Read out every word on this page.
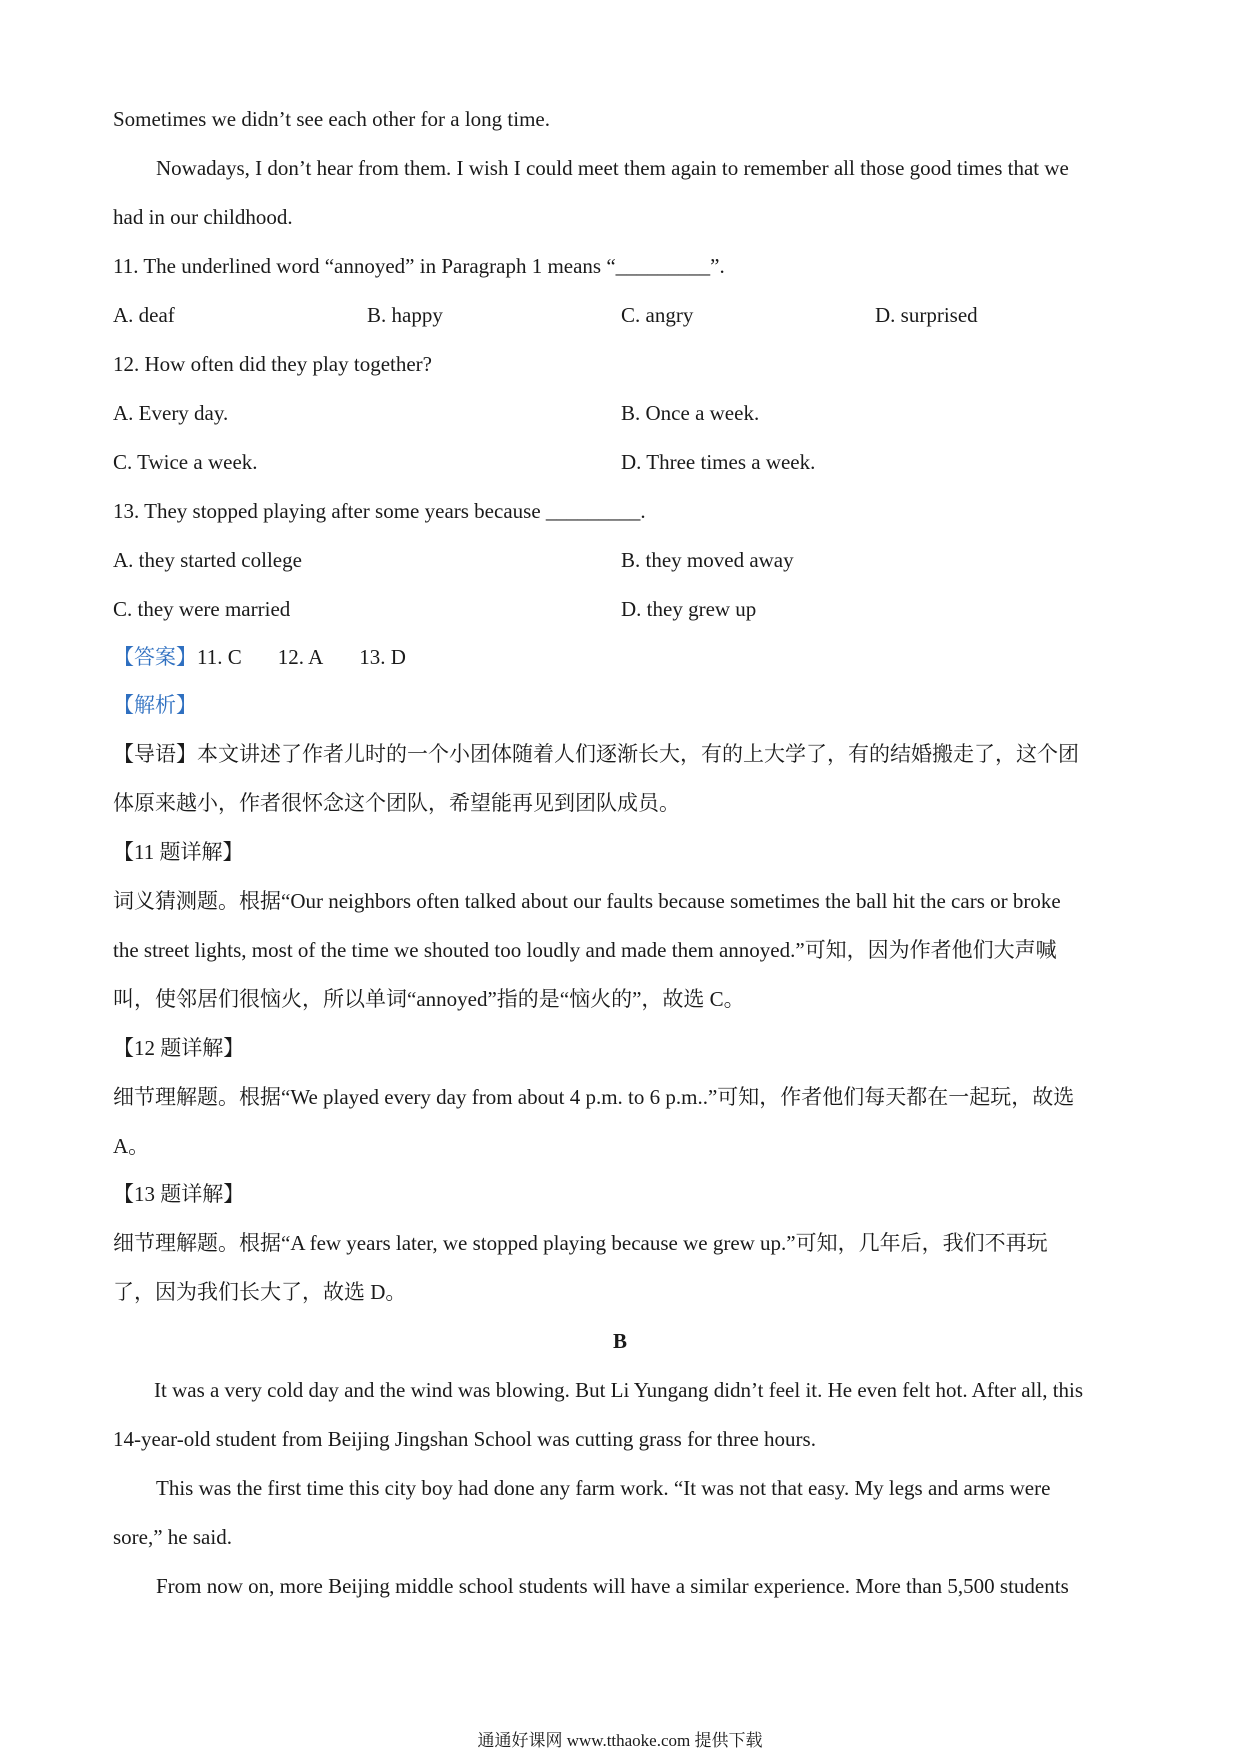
Sometimes we didn’t see each other for a long time.
Nowadays, I don’t hear from them. I wish I could meet them again to remember all those good times that we
had in our childhood.
11. The underlined word “annoyed” in Paragraph 1 means “_________”.
A. deaf	B. happy	C. angry	D. surprised
12. How often did they play together?
A. Every day.	B. Once a week.
C. Twice a week.	D. Three times a week.
13. They stopped playing after some years because _________.
A. they started college	B. they moved away
C. they were married	D. they grew up
【答案】11. C 12. A 13. D
【解析】
【导语】本文讲述了作者儿时的一个小团体随着人们逐渐长大，有的上大学了，有的结婚搬走了，这个团
体原来越小，作者很怀念这个团队，希望能再见到团队成员。
【11 题详解】
词义猜测题。根据“Our neighbors often talked about our faults because sometimes the ball hit the cars or broke
the street lights, most of the time we shouted too loudly and made them annoyed.”可知，因为作者他们大声喊
叫，使邻居们很恼火，所以单词“annoyed”指的是“恼火的”，故选 C。
【12 题详解】
细节理解题。根据“We played every day from about 4 p.m. to 6 p.m..”可知，作者他们每天都在一起玩，故选
A。
【13 题详解】
细节理解题。根据“A few years later, we stopped playing because we grew up.”可知，几年后，我们不再玩
了，因为我们长大了，故选 D。
B
It was a very cold day and the wind was blowing. But Li Yungang didn’t feel it. He even felt hot. After all, this
14-year-old student from Beijing Jingshan School was cutting grass for three hours.
This was the first time this city boy had done any farm work. “It was not that easy. My legs and arms were
sore,” he said.
From now on, more Beijing middle school students will have a similar experience. More than 5,500 students
通通好课网 www.tthaoke.com 提供下载
